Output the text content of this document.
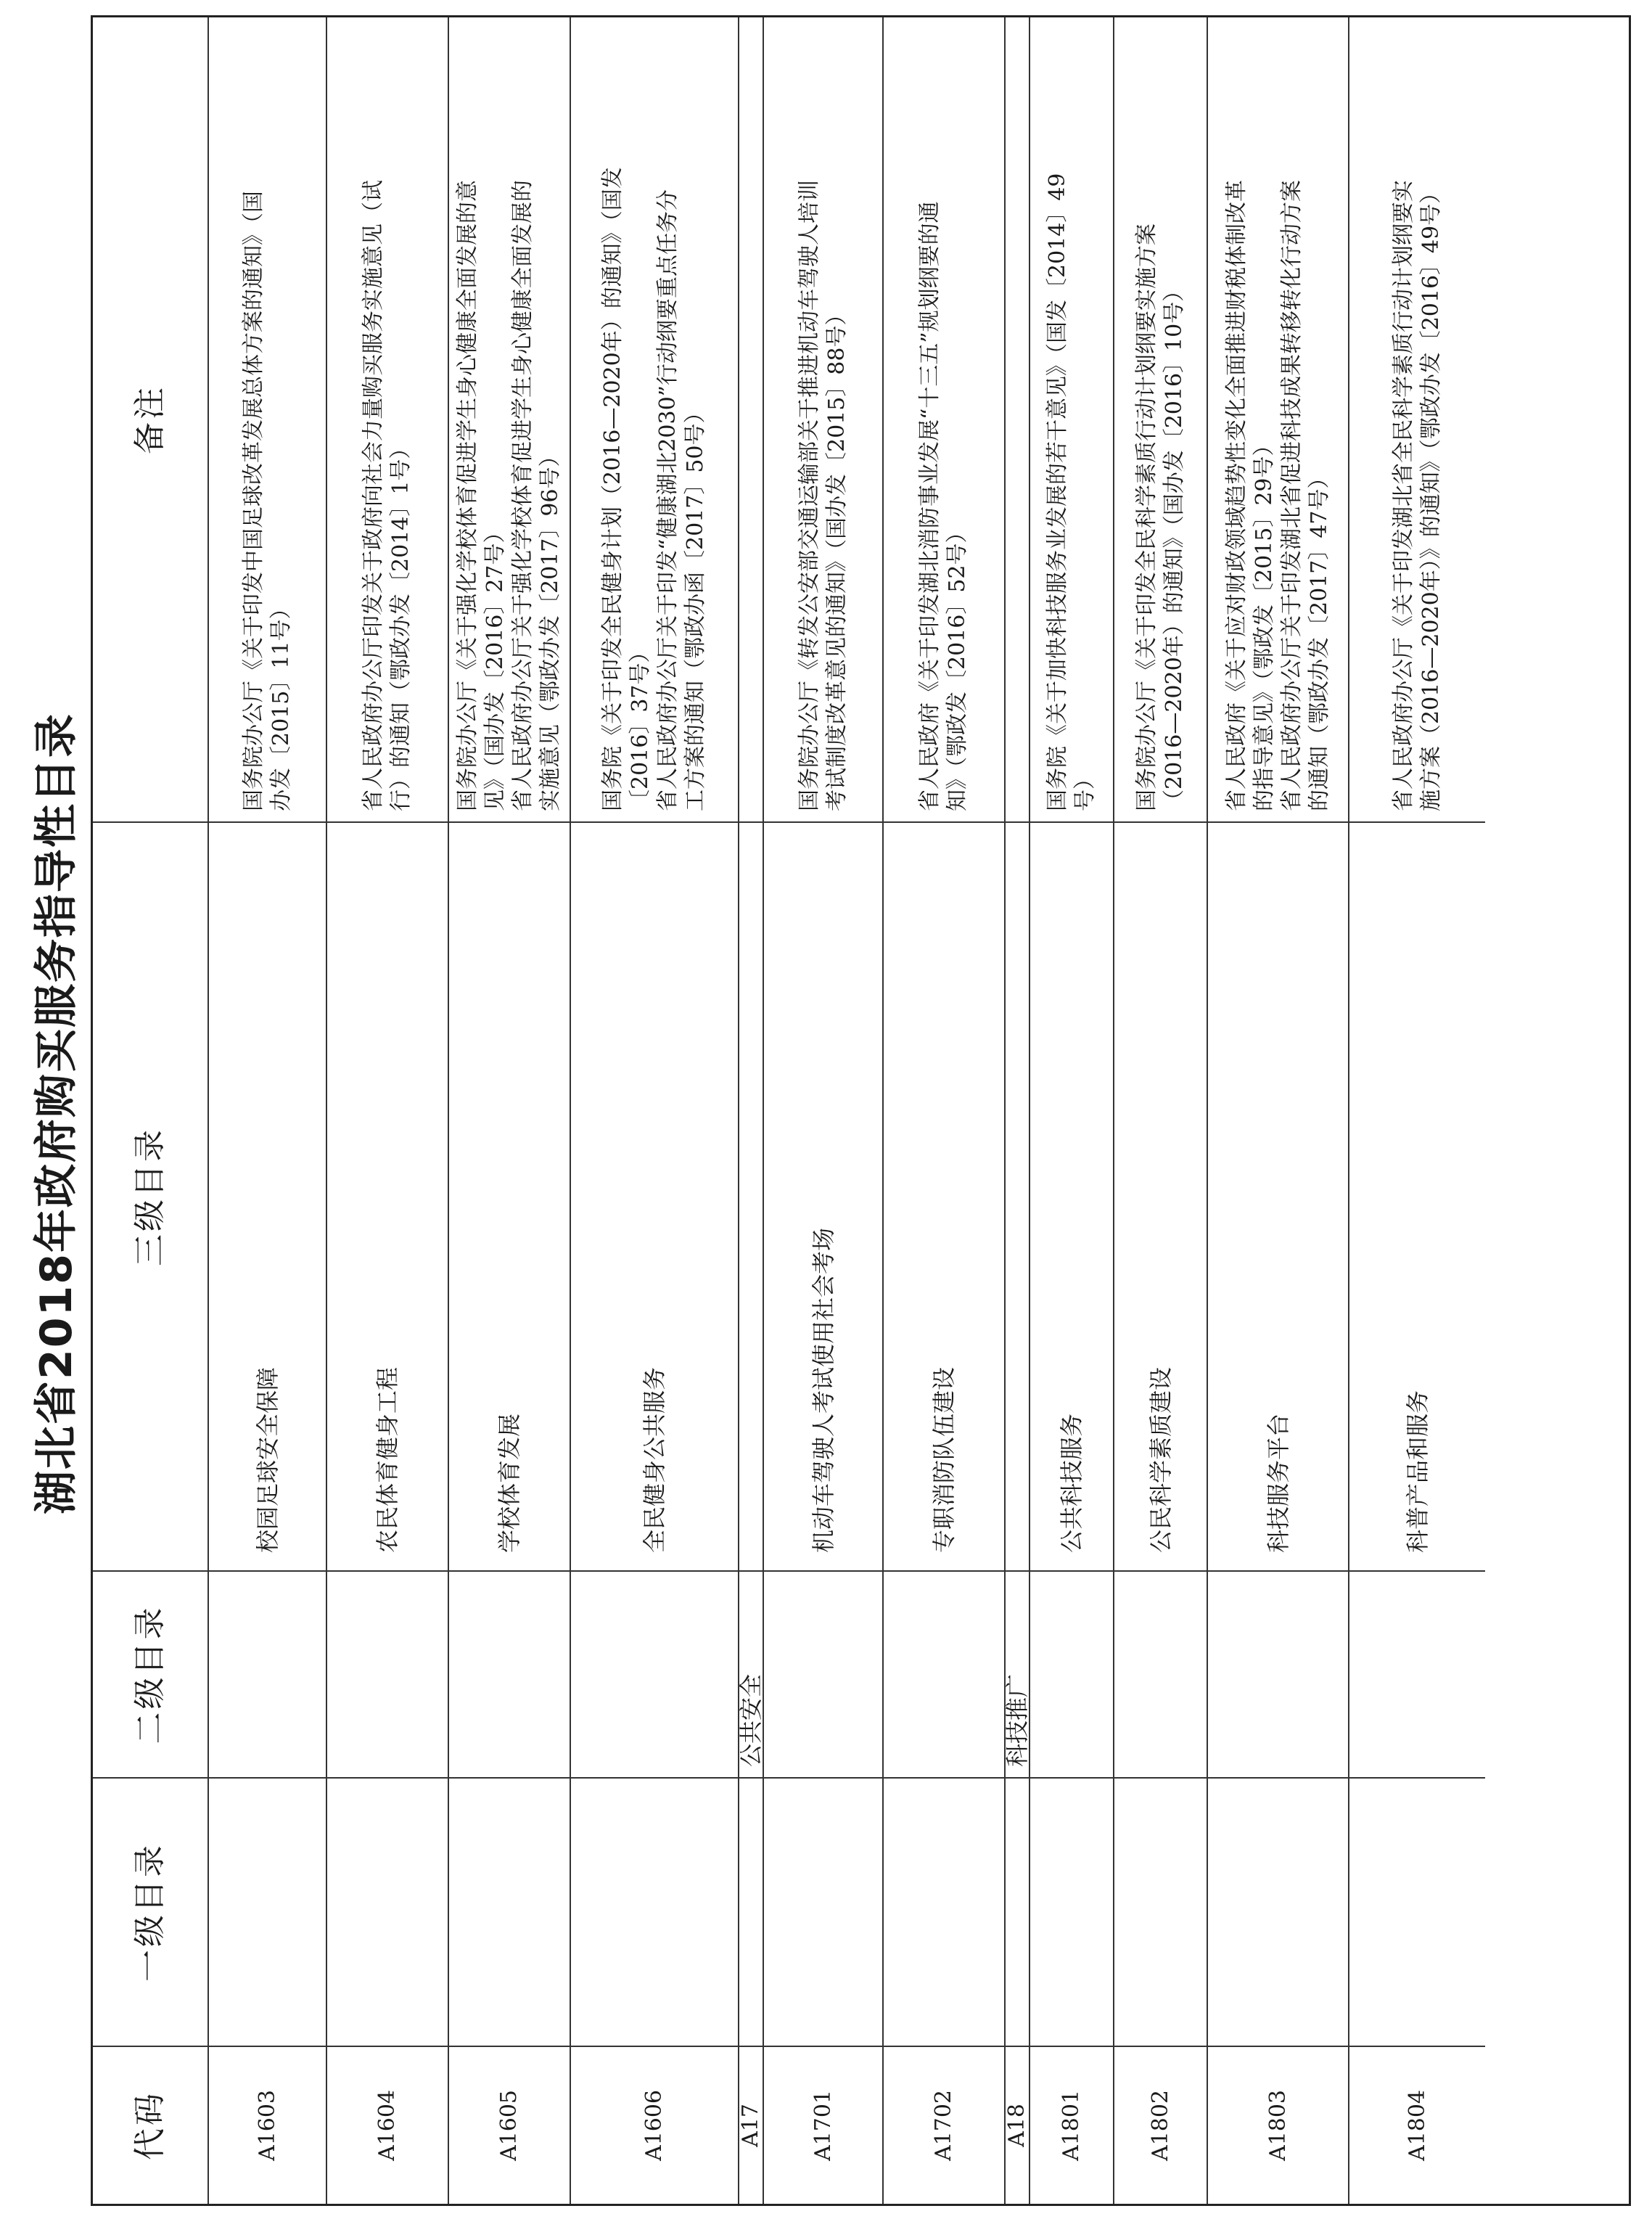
湖北省2018年政府购买服务指导性目录
代码
一级目录
二级目录
三级目录
备注
A1603
校园足球安全保障
国务院办公厅《关于印发中国足球改革发展总体方案的通知》（国 办发〔2015〕11号）
A1604
农民体育健身工程
省人民政府办公厅印发关于政府向社会力量购买服务实施意见（试 行）的通知（鄂政办发〔2014〕1号）
A1605
学校体育发展
国务院办公厅《关于强化学校体育促进学生身心健康全面发展的意 见》（国办发〔2016〕27号） 省人民政府办公厅关于强化学校体育促进学生身心健康全面发展的 实施意见（鄂政办发〔2017〕96号）
A1606
全民健身公共服务
国务院《关于印发全民健身计划（2016—2020年）的通知》（国发 〔2016〕37号） 省人民政府办公厅关于印发“健康湖北2030”行动纲要重点任务分 工方案的通知（鄂政办函〔2017〕50号）
A17
公共安全
A1701
机动车驾驶人考试使用社会考场
国务院办公厅《转发公安部交通运输部关于推进机动车驾驶人培训 考试制度改革意见的通知》（国办发〔2015〕88号）
A1702
专职消防队伍建设
省人民政府《关于印发湖北消防事业发展“十三五”规划纲要的通 知》（鄂政发〔2016〕52号）
A18
科技推广
A1801
公共科技服务
国务院《关于加快科技服务业发展的若干意见》（国发〔2014〕49 号）
A1802
公民科学素质建设
国务院办公厅《关于印发全民科学素质行动计划纲要实施方案 （2016—2020年）的通知》（国办发〔2016〕10号）
A1803
科技服务平台
省人民政府《关于应对财政领域趋势性变化全面推进财税体制改革 的指导意见》（鄂政发〔2015〕29号） 省人民政府办公厅关于印发湖北省促进科技成果转移转化行动方案 的通知（鄂政办发〔2017〕47号）
A1804
科普产品和服务
省人民政府办公厅《关于印发湖北省全民科学素质行动计划纲要实 施方案（2016—2020年）》的通知》（鄂政办发〔2016〕49号）
